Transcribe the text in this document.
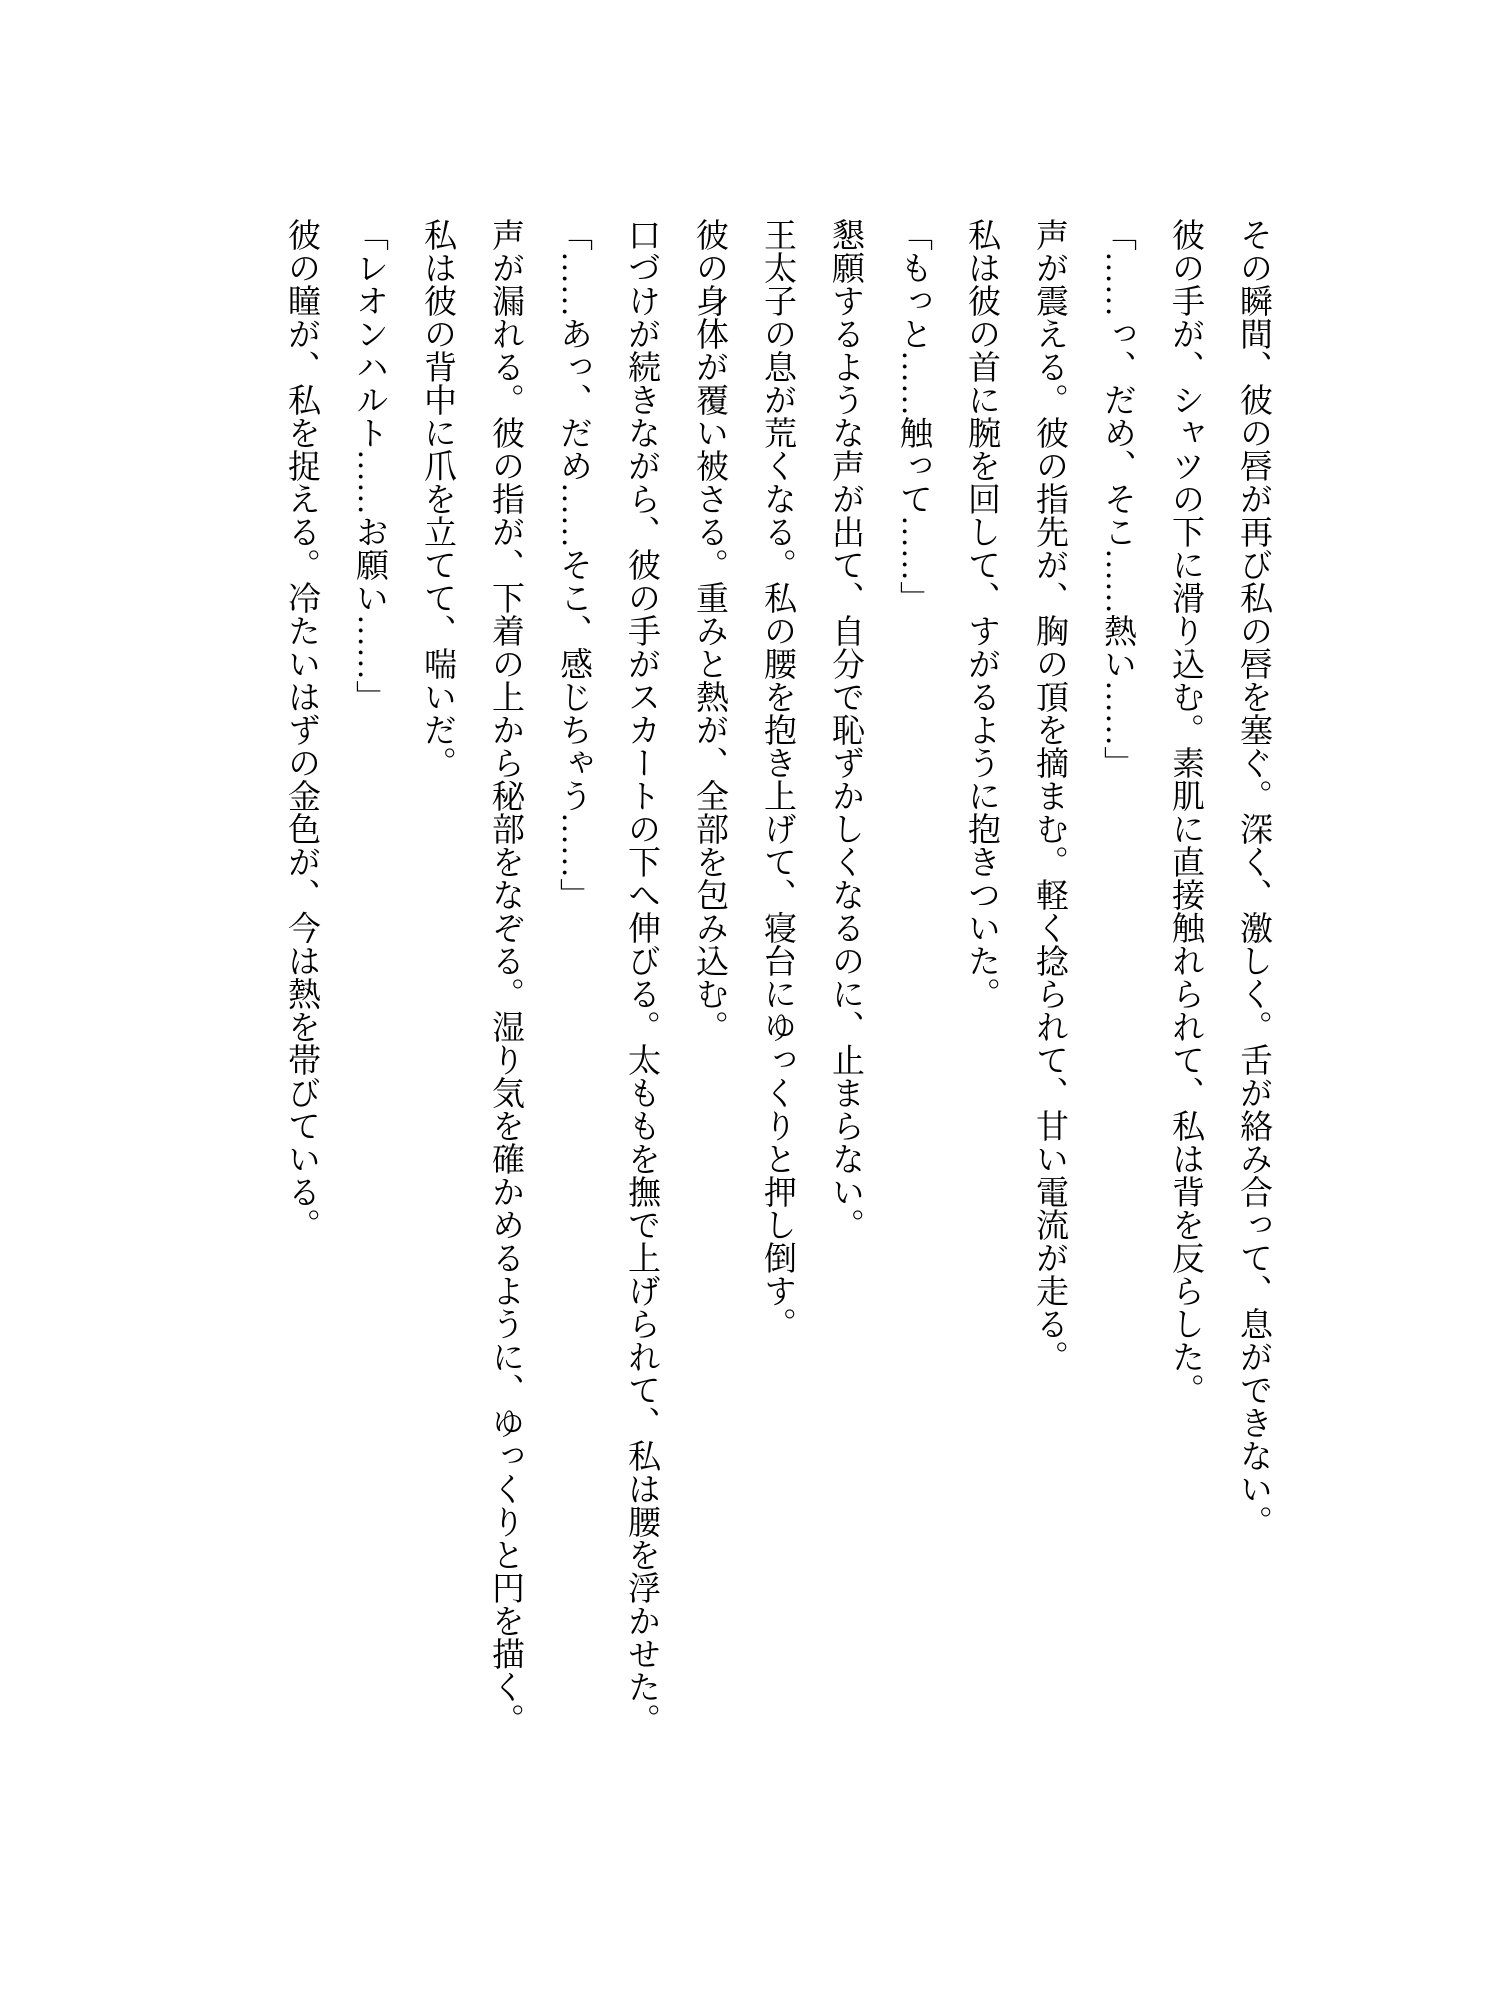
その瞬間、彼の唇が再び私の唇を塞ぐ。深く、激しく。舌が絡み合って、息ができない。

彼の手が、シャツの下に滑り込む。素肌に直接触れられて、私は背を反らした。

「……っ、だめ、そこ……熱い……」

声が震える。彼の指先が、胸の頂を摘まむ。軽く捻られて、甘い電流が走る。

私は彼の首に腕を回して、すがるように抱きついた。

「もっと……触って……」

懇願するような声が出て、自分で恥ずかしくなるのに、止まらない。

王太子の息が荒くなる。私の腰を抱き上げて、寝台にゆっくりと押し倒す。

彼の身体が覆い被さる。重みと熱が、全部を包み込む。

口づけが続きながら、彼の手がスカートの下へ伸びる。太ももを撫で上げられて、私は腰を浮かせた。

「……あっ、だめ……そこ、感じちゃう……」

声が漏れる。彼の指が、下着の上から秘部をなぞる。湿り気を確かめるように、ゆっくりと円を描く。

私は彼の背中に爪を立てて、喘いだ。

「レオンハルト……お願い……」

彼の瞳が、私を捉える。冷たいはずの金色が、今は熱を帯びている。
